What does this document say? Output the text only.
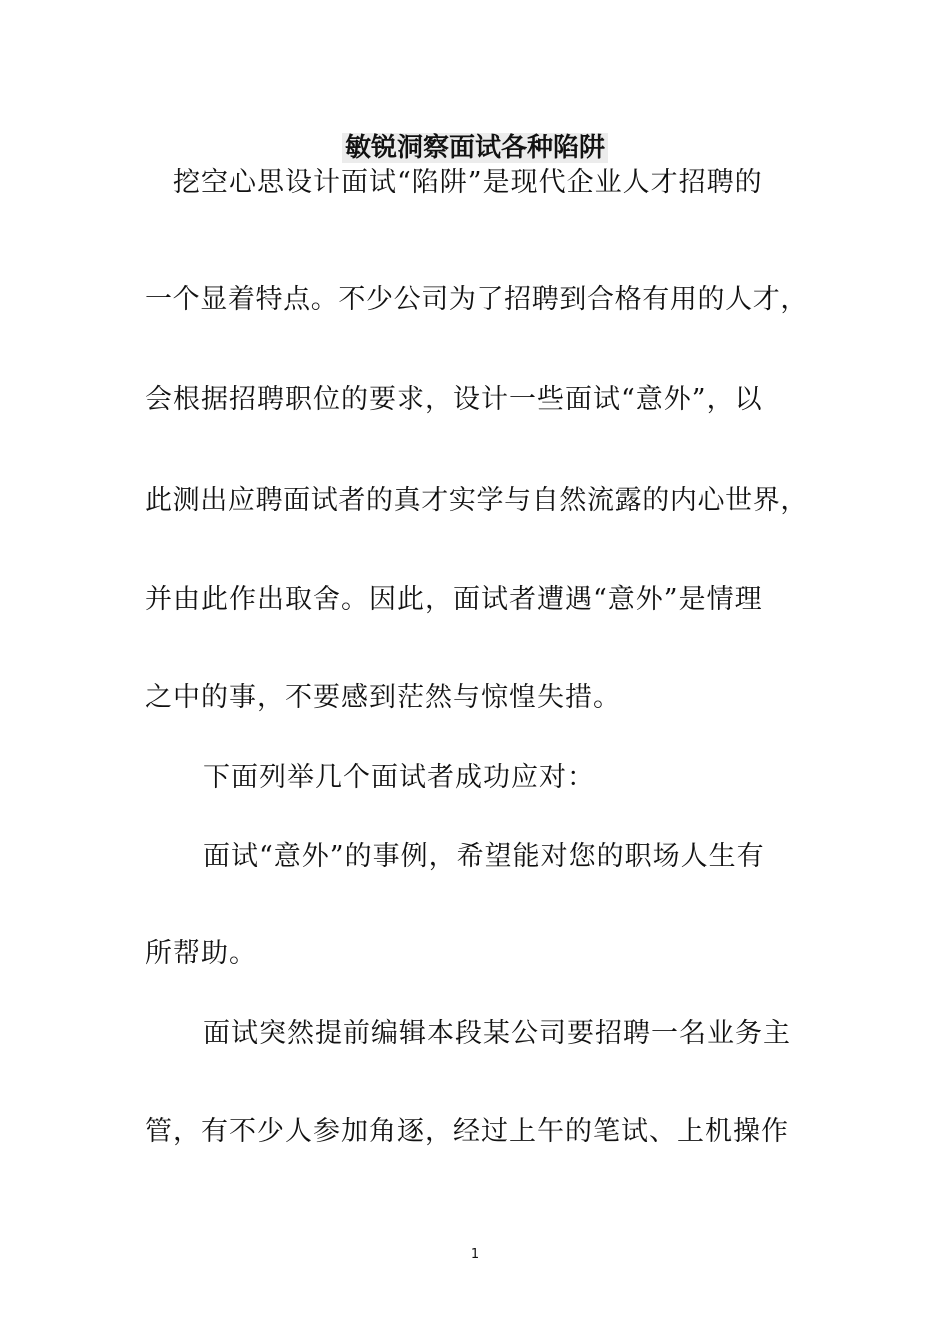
敏锐洞察面试各种陷阱
挖空心思设计面试“陷阱”是现代企业人才招聘的
一个显着特点。不少公司为了招聘到合格有用的人才，
会根据招聘职位的要求，设计一些面试“意外”，以
此测出应聘面试者的真才实学与自然流露的内心世界，
并由此作出取舍。因此，面试者遭遇“意外”是情理
之中的事，不要感到茫然与惊惶失措。
下面列举几个面试者成功应对：
面试“意外”的事例，希望能对您的职场人生有
所帮助。
面试突然提前编辑本段某公司要招聘一名业务主
管，有不少人参加角逐，经过上午的笔试、上机操作
1
